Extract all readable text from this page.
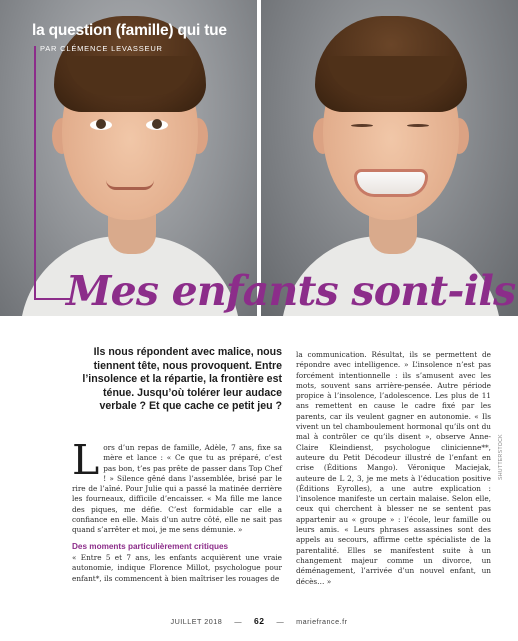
la question (famille) qui tue
PAR CLÉMENCE LEVASSEUR
Mes enfants sont-ils

Ils nous répondent avec malice, nous tiennent tête, nous provoquent. Entre l’insolence et la répartie, la frontière est ténue. Jusqu’où tolérer leur audace verbale ? Et que cache ce petit jeu ?

Lors d’un repas de famille, Adèle, 7 ans, fixe sa mère et lance : « Ce que tu as préparé, c’est pas bon, t’es pas prête de passer dans Top Chef ! » Silence gêné dans l’assemblée, brisé par le rire de l’aîné. Pour Julie qui a passé la matinée derrière les fourneaux, difficile d’encaisser. « Ma fille me lance des piques, me défie. C’est formidable car elle a confiance en elle. Mais d’un autre côté, elle ne sait pas quand s’arrêter et moi, je me sens démunie. »

Des moments particulièrement critiques

« Entre 5 et 7 ans, les enfants acquièrent une vraie autonomie, indique Florence Millot, psychologue pour enfant*, ils commencent à bien maîtriser les rouages de

la communication. Résultat, ils se permettent de répondre avec intelligence. » L’insolence n’est pas forcément intentionnelle : ils s’amusent avec les mots, souvent sans arrière-pensée. Autre période propice à l’insolence, l’adolescence. Les plus de 11 ans remettent en cause le cadre fixé par les parents, car ils veulent gagner en autonomie. « Ils vivent un tel chamboulement hormonal qu’ils ont du mal à contrôler ce qu’ils disent », observe Anne-Claire Kleindienst, psychologue clinicienne**, auteure du Petit Décodeur illustré de l’enfant en crise (Éditions Mango). Véronique Maciejak, auteure de L 2, 3, je me mets à l’éducation positive (Éditions Eyrolles), a une autre explication : l’insolence manifeste un certain malaise. Selon elle, ceux qui cherchent à blesser ne se sentent pas appartenir au « groupe » : l’école, leur famille ou leurs amis. « Leurs phrases assassines sont des appels au secours, affirme cette spécialiste de la parentalité. Elles se manifestent suite à un changement majeur comme un divorce, un déménagement, l’arrivée d’un nouvel enfant, un décès… »

SHUTTERSTOCK
JUILLET 2018 — 62 — mariefrance.fr
